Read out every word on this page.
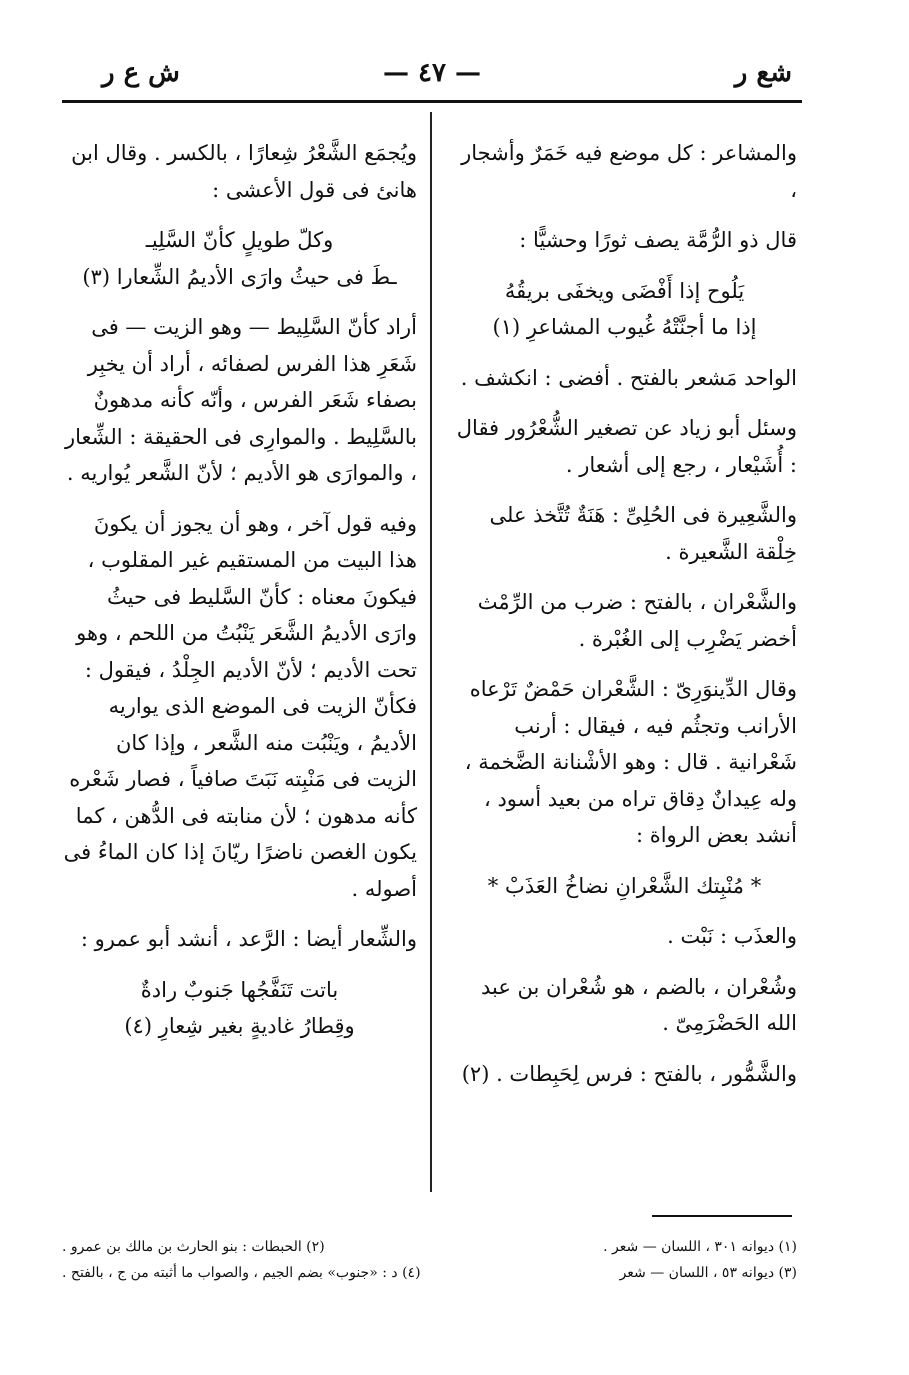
شع ر
— ٤٧ —
ش ع ر

والمشاعر : كل موضع فيه خَمَرٌ وأشجار ،

قال ذو الرُّمَّة يصف ثورًا وحشيًّا :

يَلُوح إذا أَفْضَى ويخفَى بريقُهُ
إذا ما أجنَّتْهُ غُيوب المشاعرِ (١)

الواحد مَشعر بالفتح . أفضى : انكشف .

وسئل أبو زياد عن تصغير الشُّعْرُور فقال : أُشَيْعار ، رجع إلى أشعار .

والشَّعِيرة فى الحُلِىِّ : هَنَةٌ تُتَّخذ على خِلْقة الشَّعيرة .

والشَّعْران ، بالفتح : ضرب من الرِّمْث أخضر يَضْرِب إلى الغُبْرة .

وقال الدِّينوَرِىّ : الشَّعْران حَمْضٌ تَرْعاه الأرانب وتجثُم فيه ، فيقال : أرنب شَعْرانية . قال : وهو الأشْنانة الضَّخمة ، وله عِيدانٌ دِقاق تراه من بعيد أسود ، أنشد بعض الرواة :

* مُنْبِتك الشَّعْرانِ نضاخُ العَذَبْ *

والعذَب : نَبْت .

وشُعْران ، بالضم ، هو شُعْران بن عبد الله الحَضْرَمِىّ .

والشَّمُّور ، بالفتح : فرس لِحَبِطات . (٢)

ويُجمَع الشَّعْرُ شِعارًا ، بالكسر . وقال ابن هانئ فى قول الأعشى :

وكلّ طويلٍ كأنّ السَّلِيـ
ـطَ فى حيثُ وارَى الأديمُ الشِّعارا (٣)

أراد كأنّ السَّلِيط — وهو الزيت — فى شَعَرِ هذا الفرس لصفائه ، أراد أن يخبِر بصفاء شَعَر الفرس ، وأنّه كأنه مدهونٌ بالسَّلِيط . والموارِى فى الحقيقة : الشِّعار ، والموارَى هو الأديم ؛ لأنّ الشَّعر يُواريه .

وفيه قول آخر ، وهو أن يجوز أن يكونَ هذا البيت من المستقيم غير المقلوب ، فيكونَ معناه : كأنّ السَّليط فى حيثُ وارَى الأديمُ الشَّعَر يَنْبُتُ من اللحم ، وهو تحت الأديم ؛ لأنّ الأديم الجِلْدُ ، فيقول : فكأنّ الزيت فى الموضع الذى يواريه الأديمُ ، ويَنْبُت منه الشَّعر ، وإذا كان الزيت فى مَنْبِته نَبَتَ صافياً ، فصار شَعْره كأنه مدهون ؛ لأن منابته فى الدُّهن ، كما يكون الغصن ناضرًا ريّانَ إذا كان الماءُ فى أصوله .

والشِّعار أيضا : الرَّعد ، أنشد أبو عمرو :

باتت تَنَفَّجُها جَنوبٌ رادةٌ
وقِطارُ غاديةٍ بغير شِعارِ (٤)
(١) ديوانه ٣٠١ ، اللسان — شعر .
(٢) الحبطات : بنو الحارث بن مالك بن عمرو .
(٣) ديوانه ٥٣ ، اللسان — شعر
(٤) د : «جنوب» بضم الجيم ، والصواب ما أثبته من ج ، بالفتح .
